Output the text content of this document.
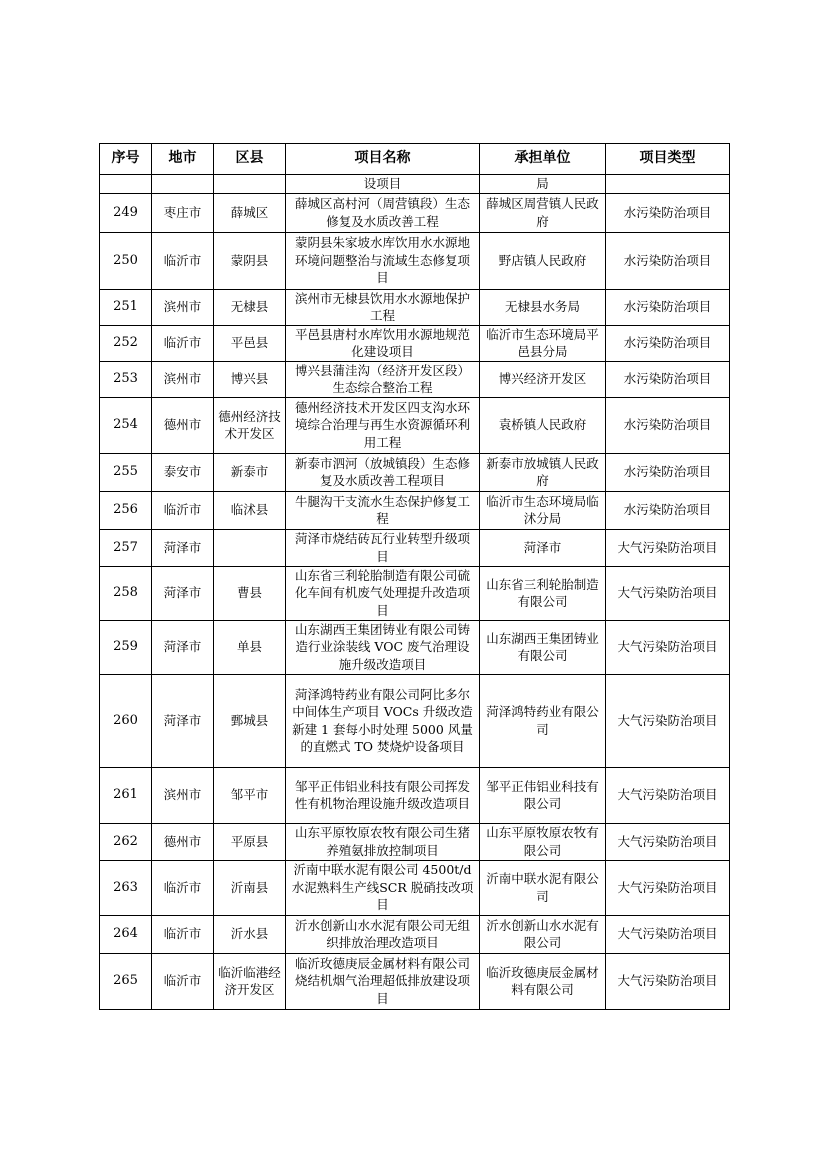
序号	地市	区县	项目名称	承担单位	项目类型
			设项目	局	
249	枣庄市	薛城区	薛城区高村河（周营镇段）生态修复及水质改善工程	薛城区周营镇人民政府	水污染防治项目
250	临沂市	蒙阴县	蒙阴县朱家坡水库饮用水水源地环境问题整治与流域生态修复项目	野店镇人民政府	水污染防治项目
251	滨州市	无棣县	滨州市无棣县饮用水水源地保护工程	无棣县水务局	水污染防治项目
252	临沂市	平邑县	平邑县唐村水库饮用水源地规范化建设项目	临沂市生态环境局平邑县分局	水污染防治项目
253	滨州市	博兴县	博兴县蒲洼沟（经济开发区段）生态综合整治工程	博兴经济开发区	水污染防治项目
254	德州市	德州经济技术开发区	德州经济技术开发区四支沟水环境综合治理与再生水资源循环利用工程	袁桥镇人民政府	水污染防治项目
255	泰安市	新泰市	新泰市泗河（放城镇段）生态修复及水质改善工程项目	新泰市放城镇人民政府	水污染防治项目
256	临沂市	临沭县	牛腿沟干支流水生态保护修复工程	临沂市生态环境局临沭分局	水污染防治项目
257	菏泽市		菏泽市烧结砖瓦行业转型升级项目	菏泽市	大气污染防治项目
258	菏泽市	曹县	山东省三利轮胎制造有限公司硫化车间有机废气处理提升改造项目	山东省三利轮胎制造有限公司	大气污染防治项目
259	菏泽市	单县	山东湖西王集团铸业有限公司铸造行业涂装线 VOC 废气治理设施升级改造项目	山东湖西王集团铸业有限公司	大气污染防治项目
260	菏泽市	鄄城县	菏泽鸿特药业有限公司阿比多尔中间体生产项目 VOCs 升级改造新建 1 套每小时处理 5000 风量的直燃式 TO 焚烧炉设备项目	菏泽鸿特药业有限公司	大气污染防治项目
261	滨州市	邹平市	邹平正伟铝业科技有限公司挥发性有机物治理设施升级改造项目	邹平正伟铝业科技有限公司	大气污染防治项目
262	德州市	平原县	山东平原牧原农牧有限公司生猪养殖氨排放控制项目	山东平原牧原农牧有限公司	大气污染防治项目
263	临沂市	沂南县	沂南中联水泥有限公司 4500t/d 水泥熟料生产线SCR 脱硝技改项目	沂南中联水泥有限公司	大气污染防治项目
264	临沂市	沂水县	沂水创新山水水泥有限公司无组织排放治理改造项目	沂水创新山水水泥有限公司	大气污染防治项目
265	临沂市	临沂临港经济开发区	临沂玫德庚辰金属材料有限公司烧结机烟气治理超低排放建设项目	临沂玫德庚辰金属材料有限公司	大气污染防治项目
